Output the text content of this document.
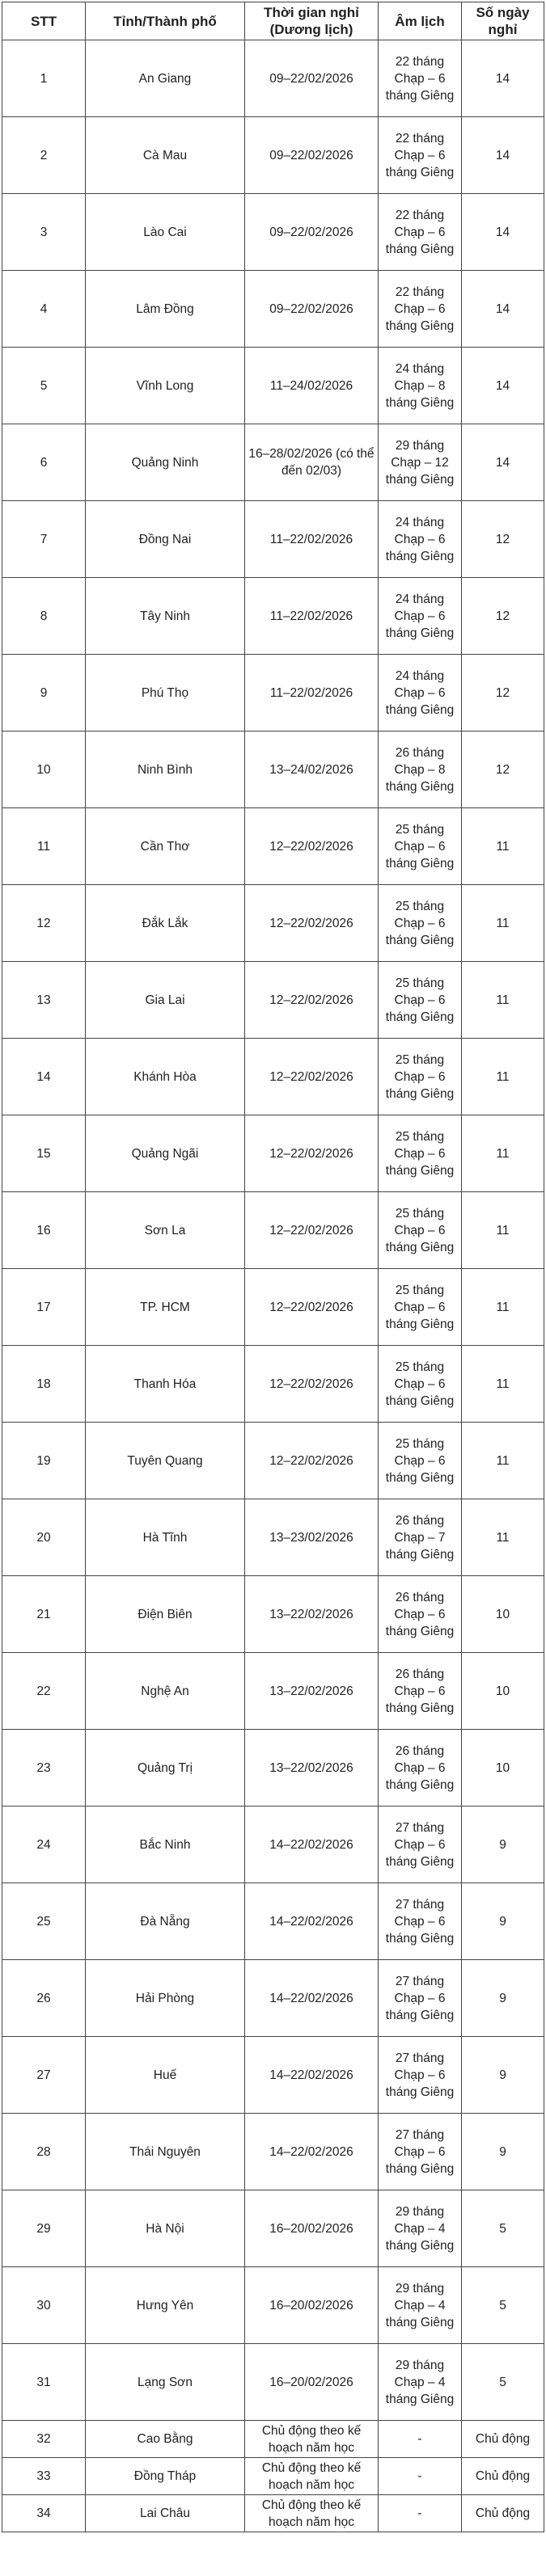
STT	Tỉnh/Thành phố	Thời gian nghỉ (Dương lịch)	Âm lịch	Số ngày nghỉ
1	An Giang	09–22/02/2026	22 tháng Chạp – 6 tháng Giêng	14
2	Cà Mau	09–22/02/2026	22 tháng Chạp – 6 tháng Giêng	14
3	Lào Cai	09–22/02/2026	22 tháng Chạp – 6 tháng Giêng	14
4	Lâm Đồng	09–22/02/2026	22 tháng Chạp – 6 tháng Giêng	14
5	Vĩnh Long	11–24/02/2026	24 tháng Chạp – 8 tháng Giêng	14
6	Quảng Ninh	16–28/02/2026 (có thể đến 02/03)	29 tháng Chạp – 12 tháng Giêng	14
7	Đồng Nai	11–22/02/2026	24 tháng Chạp – 6 tháng Giêng	12
8	Tây Ninh	11–22/02/2026	24 tháng Chạp – 6 tháng Giêng	12
9	Phú Thọ	11–22/02/2026	24 tháng Chạp – 6 tháng Giêng	12
10	Ninh Bình	13–24/02/2026	26 tháng Chạp – 8 tháng Giêng	12
11	Cần Thơ	12–22/02/2026	25 tháng Chạp – 6 tháng Giêng	11
12	Đắk Lắk	12–22/02/2026	25 tháng Chạp – 6 tháng Giêng	11
13	Gia Lai	12–22/02/2026	25 tháng Chạp – 6 tháng Giêng	11
14	Khánh Hòa	12–22/02/2026	25 tháng Chạp – 6 tháng Giêng	11
15	Quảng Ngãi	12–22/02/2026	25 tháng Chạp – 6 tháng Giêng	11
16	Sơn La	12–22/02/2026	25 tháng Chạp – 6 tháng Giêng	11
17	TP. HCM	12–22/02/2026	25 tháng Chạp – 6 tháng Giêng	11
18	Thanh Hóa	12–22/02/2026	25 tháng Chạp – 6 tháng Giêng	11
19	Tuyên Quang	12–22/02/2026	25 tháng Chạp – 6 tháng Giêng	11
20	Hà Tĩnh	13–23/02/2026	26 tháng Chạp – 7 tháng Giêng	11
21	Điện Biên	13–22/02/2026	26 tháng Chạp – 6 tháng Giêng	10
22	Nghệ An	13–22/02/2026	26 tháng Chạp – 6 tháng Giêng	10
23	Quảng Trị	13–22/02/2026	26 tháng Chạp – 6 tháng Giêng	10
24	Bắc Ninh	14–22/02/2026	27 tháng Chạp – 6 tháng Giêng	9
25	Đà Nẵng	14–22/02/2026	27 tháng Chạp – 6 tháng Giêng	9
26	Hải Phòng	14–22/02/2026	27 tháng Chạp – 6 tháng Giêng	9
27	Huế	14–22/02/2026	27 tháng Chạp – 6 tháng Giêng	9
28	Thái Nguyên	14–22/02/2026	27 tháng Chạp – 6 tháng Giêng	9
29	Hà Nội	16–20/02/2026	29 tháng Chạp – 4 tháng Giêng	5
30	Hưng Yên	16–20/02/2026	29 tháng Chạp – 4 tháng Giêng	5
31	Lạng Sơn	16–20/02/2026	29 tháng Chạp – 4 tháng Giêng	5
32	Cao Bằng	Chủ động theo kế hoạch năm học	-	Chủ động
33	Đồng Tháp	Chủ động theo kế hoạch năm học	-	Chủ động
34	Lai Châu	Chủ động theo kế hoạch năm học	-	Chủ động
